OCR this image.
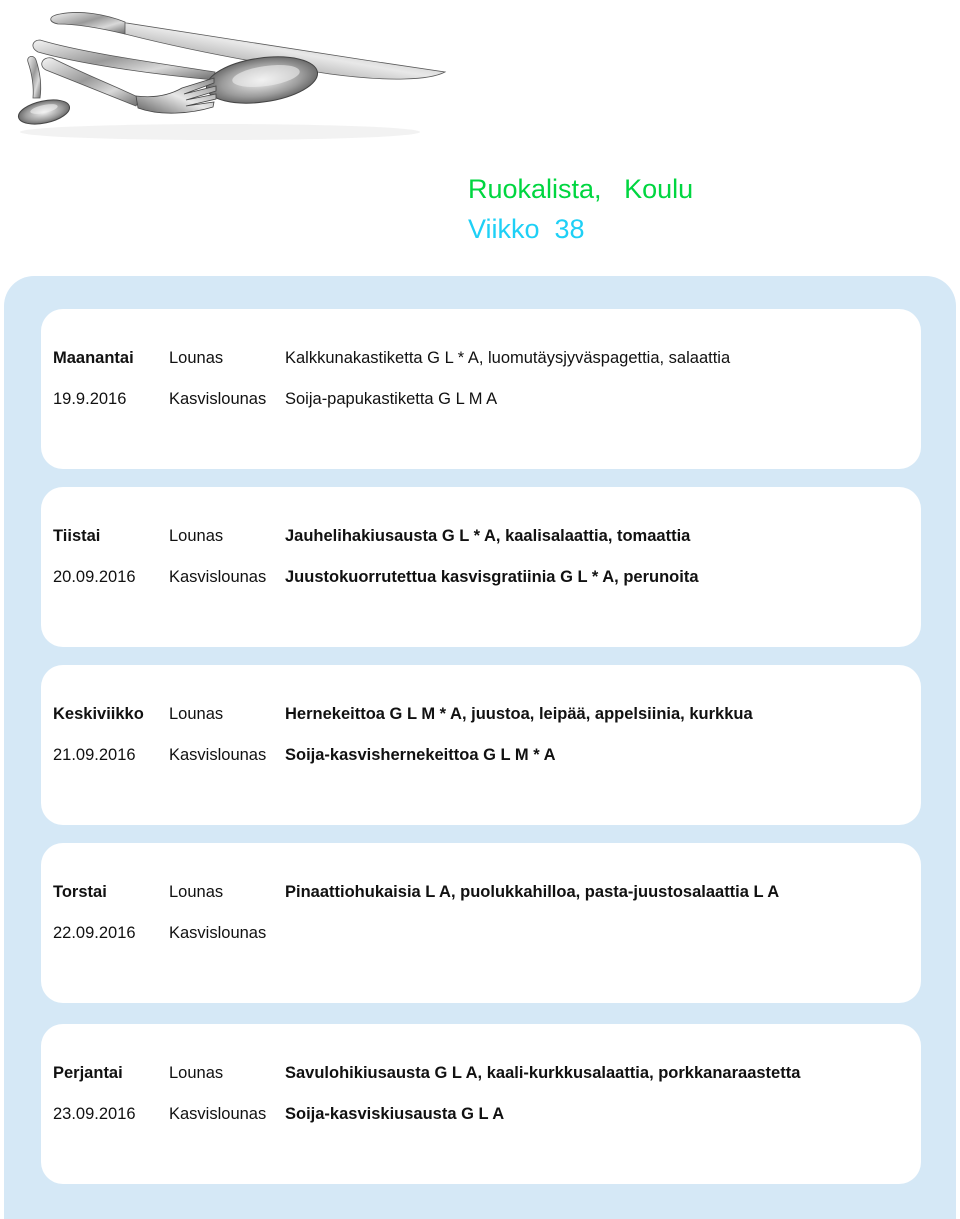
Ruokalista,   Koulu
Viikko  38
Maanantai Lounas	Kalkkunakastiketta G L * A, luomutäysjyväspagettia, salaattia
19.9.2016	Kasvislounas Soija-papukastiketta G L M A
Tiistai	Lounas	Jauhelihakiusausta G L * A, kaalisalaattia, tomaattia
20.09.2016 Kasvislounas Juustokuorrutettua kasvisgratiinia G L * A, perunoita
Keskiviikko Lounas	Hernekeittoa G L M * A, juustoa, leipää, appelsiinia, kurkkua
21.09.2016 Kasvislounas Soija-kasvishernekeittoa G L M * A
Torstai	Lounas	Pinaattiohukaisia L A, puolukkahilloa, pasta-juustosalaattia L A
22.09.2016 Kasvislounas
Perjantai	Lounas	Savulohikiusausta G L A, kaali-kurkkusalaattia, porkkanaraastetta
23.09.2016 Kasvislounas Soija-kasviskiusausta G L A
